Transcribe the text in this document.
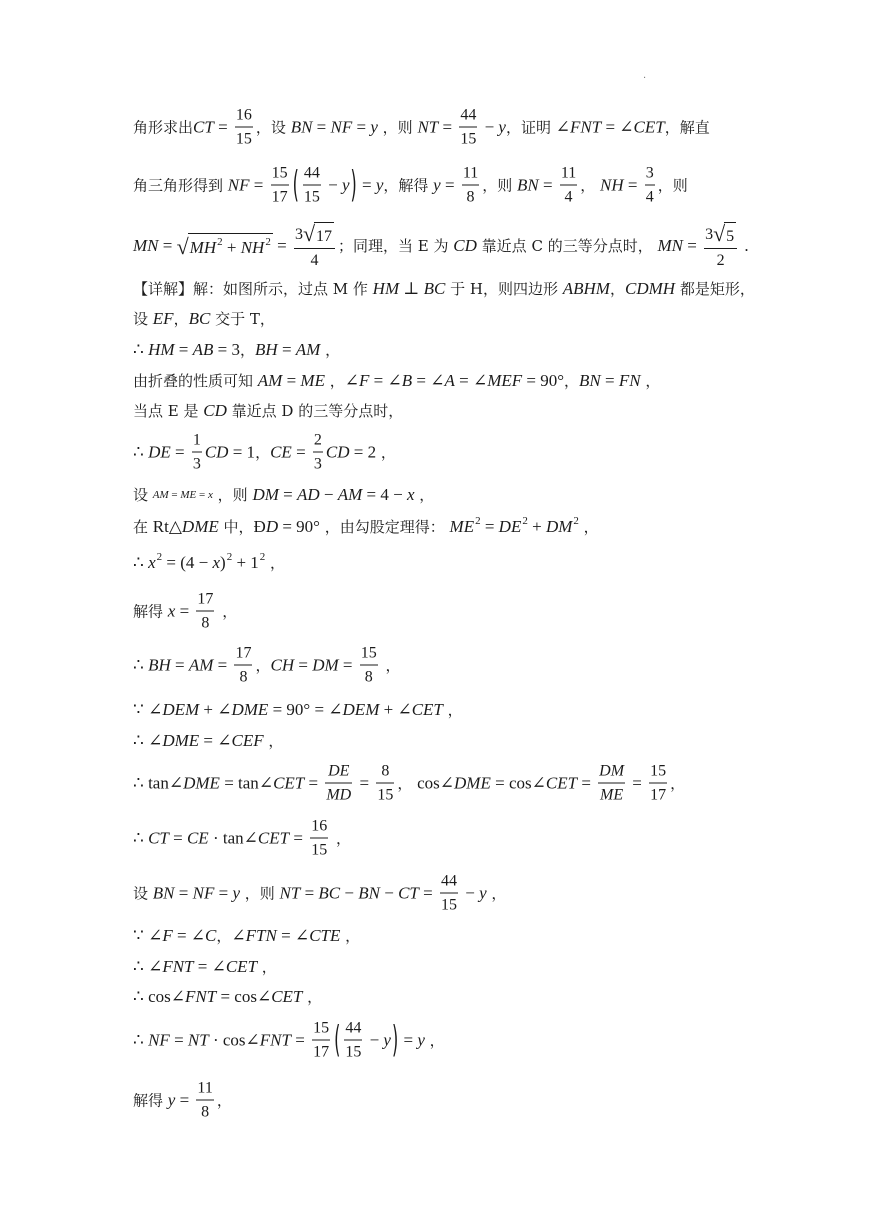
.
角形求出 CT = $\frac{16}{15}$ ，设 BN = NF = y ，则 NT = $\frac{44}{15} - y$ ，证明 ∠FNT = ∠CET ，解直
角三角形得到 NF = $\frac{15}{17}$ ( $\frac{44}{15} - y$ ) = y ，解得 $y = \frac{11}{8}$ ，则 BN = $\frac{11}{4}$ ， NH = $\frac{3}{4}$ ，则
MN = √ MH 2 + NH $2 = \frac{3 √ 17}{4}$ ；同理，当 E 为 CD 靠近点 C 的三等分点时， MN = $\frac{3 √ 5}{2}$ .
【详解】解：如图所示，过点 M 作 HM ⊥ BC 于 H，则四边形 ABHM ， CDMH 都是矩形，
设 EF ， BC 交于 T，
∴ HM = AB = 3 ， BH = AM ，
由折叠的性质可知 AM = ME ， ∠F = ∠B = ∠A = ∠MEF = 90° ， BN = FN ，
当点 E 是 CD 靠近点 D 的三等分点时，
∴ DE = $\frac{1}{3}$ CD = 1 ， CE = $\frac{2}{3}$ CD = 2 ，
设 AM = ME = x ，则 DM = AD − AM = 4 − x ，
在 Rt△DME 中， ÐD = 90° ，由勾股定理得： ME 2 = DE 2 + DM 2 ，
∴ x 2 = (4 − x) 2 + 1 2 ，
解得 $x = \frac{17}{8}$ ，
∴ BH = AM = $\frac{17}{8}$ ， CH = DM = $\frac{15}{8}$ ，
∵ ∠DEM + ∠DME = 90° = ∠DEM + ∠CET ，
∴ ∠DME = ∠CEF ，
∴ tan∠DME = tan∠CET = $\frac{DE}{MD} = \frac{8}{15}$ ， cos∠DME = cos∠CET = $\frac{DM}{ME} = \frac{15}{17}$ ，
∴ CT = CE · tan∠CET = $\frac{16}{15}$ ，
设 BN = NF = y ，则 NT = BC − BN − CT = $\frac{44}{15} - y$ ，
∵ ∠F = ∠C ， ∠FTN = ∠CTE ，
∴ ∠FNT = ∠CET ，
∴ cos∠FNT = cos∠CET ，
∴ NF = NT · cos∠FNT = $\frac{15}{17}$ ( $\frac{44}{15} - y$ ) = y ，
解得 $y = \frac{11}{8}$ ，
